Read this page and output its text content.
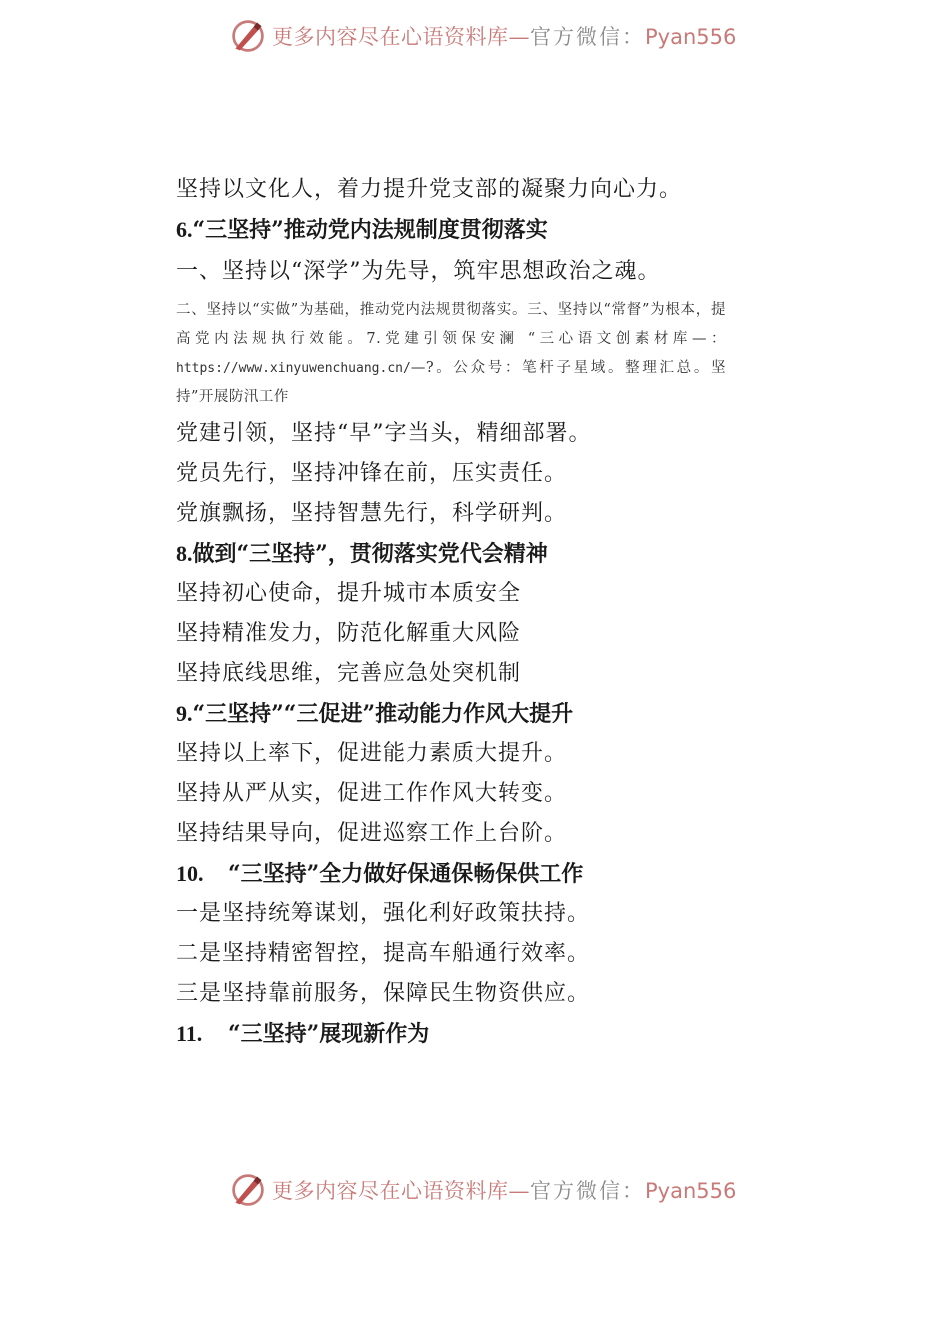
更多内容尽在心语资料库—官方微信：Pyan556
坚持以文化人，着力提升党支部的凝聚力向心力。
6.“三坚持”推动党内法规制度贯彻落实
一、坚持以“深学”为先导，筑牢思想政治之魂。
二、坚持以“实做”为基础，推动党内法规贯彻落实。三、坚持以“常督”为根本，提高党内法规执行效能。7.党建引领保安澜 “三心语文创素材库—：https://www.xinyuwenchuang.cn/—?。公众号：笔杆子星域。整理汇总。坚持”开展防汛工作
党建引领，坚持“早”字当头，精细部署。
党员先行，坚持冲锋在前，压实责任。
党旗飘扬，坚持智慧先行，科学研判。
8.做到“三坚持”，贯彻落实党代会精神
坚持初心使命，提升城市本质安全
坚持精准发力，防范化解重大风险
坚持底线思维，完善应急处突机制
9.“三坚持”“三促进”推动能力作风大提升
坚持以上率下，促进能力素质大提升。
坚持从严从实，促进工作作风大转变。
坚持结果导向，促进巡察工作上台阶。
10. “三坚持”全力做好保通保畅保供工作
一是坚持统筹谋划，强化利好政策扶持。
二是坚持精密智控，提高车船通行效率。
三是坚持靠前服务，保障民生物资供应。
11. “三坚持”展现新作为
更多内容尽在心语资料库—官方微信：Pyan556
